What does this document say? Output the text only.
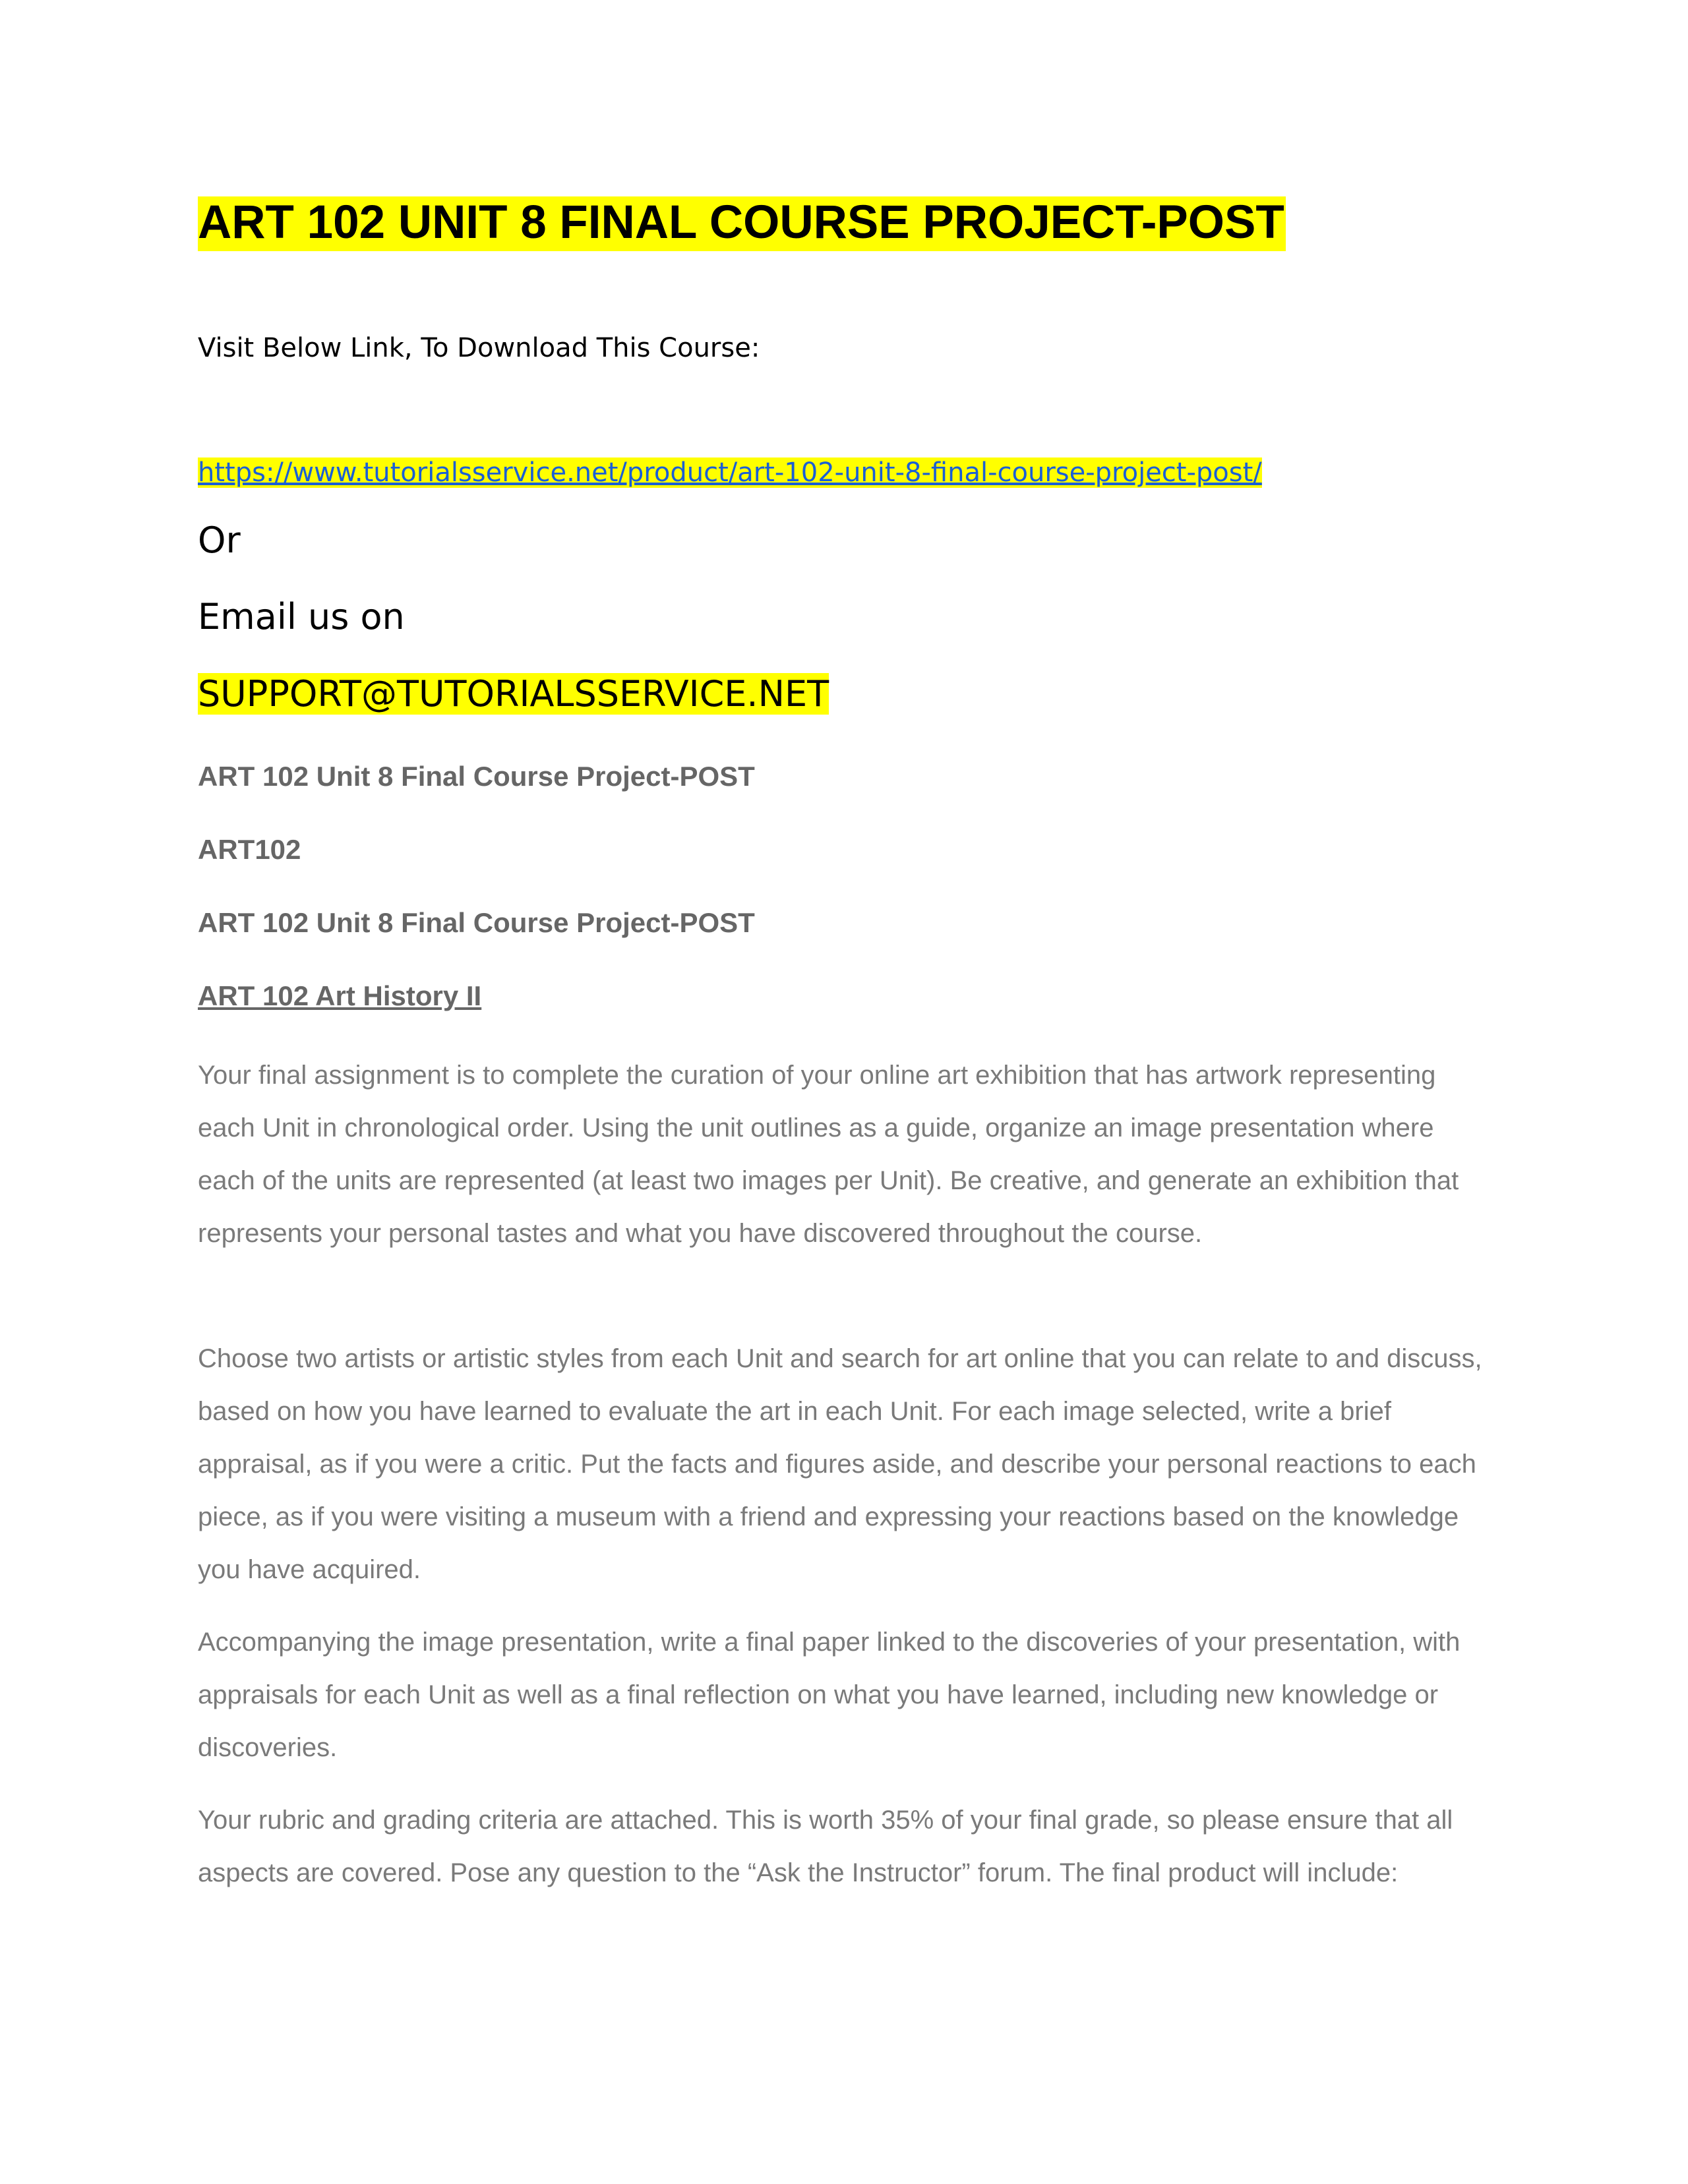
ART 102 UNIT 8 FINAL COURSE PROJECT-POST
Visit Below Link, To Download This Course:
https://www.tutorialsservice.net/product/art-102-unit-8-final-course-project-post/
Or
Email us on
SUPPORT@TUTORIALSSERVICE.NET
ART 102 Unit 8 Final Course Project-POST
ART102
ART 102 Unit 8 Final Course Project-POST
ART 102 Art History II
Your final assignment is to complete the curation of your online art exhibition that has artwork representing each Unit in chronological order. Using the unit outlines as a guide, organize an image presentation where each of the units are represented (at least two images per Unit). Be creative, and generate an exhibition that represents your personal tastes and what you have discovered throughout the course.
Choose two artists or artistic styles from each Unit and search for art online that you can relate to and discuss, based on how you have learned to evaluate the art in each Unit. For each image selected, write a brief appraisal, as if you were a critic. Put the facts and figures aside, and describe your personal reactions to each piece, as if you were visiting a museum with a friend and expressing your reactions based on the knowledge you have acquired.
Accompanying the image presentation, write a final paper linked to the discoveries of your presentation, with appraisals for each Unit as well as a final reflection on what you have learned, including new knowledge or discoveries.
Your rubric and grading criteria are attached. This is worth 35% of your final grade, so please ensure that all aspects are covered. Pose any question to the “Ask the Instructor” forum. The final product will include:
